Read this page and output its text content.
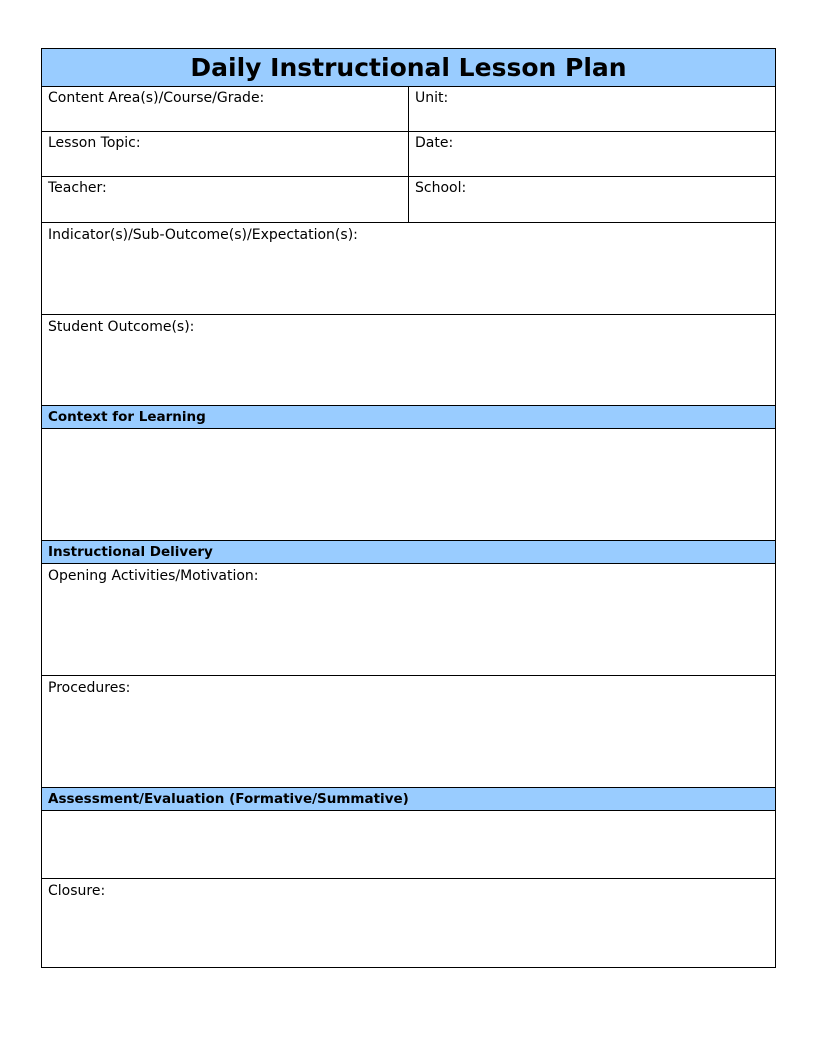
Daily Instructional Lesson Plan
Content Area(s)/Course/Grade:	Unit:
Lesson Topic:	Date:
Teacher:	School:
Indicator(s)/Sub-Outcome(s)/Expectation(s):
Student Outcome(s):
Context for Learning
Instructional Delivery
Opening Activities/Motivation:
Procedures:
Assessment/Evaluation (Formative/Summative)
Closure:
